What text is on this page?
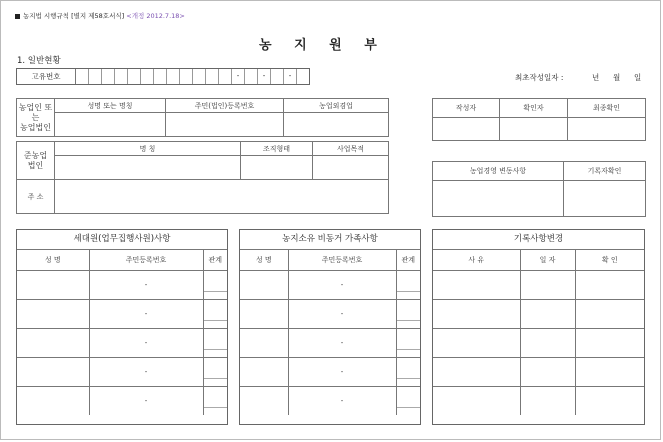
농지법 시행규칙 [별지 제58호서식] <개정 2012.7.18>
농 지 원 부
1. 일반현황
고유번호	-	-	-	최초작성일자 :	년 월 일
농업인 또는
농업법인	성명 또는 명칭	주민(법인)등록번호	농업외겸업

준농업
법인	명 칭	조직형태	사업목적

주 소			
작성자	확인자	최종확인

농업경영 변동사항	기록자확인

세대원(업무집행사원)사항
성 명	주민등록번호	관계
	-	

	-	

	-	

	-	

	-	
농지소유 비동거 가족사항
성 명	주민등록번호	관계
	-	

	-	

	-	

	-	

	-	
기록사항변경
사 유	일 자	확 인
